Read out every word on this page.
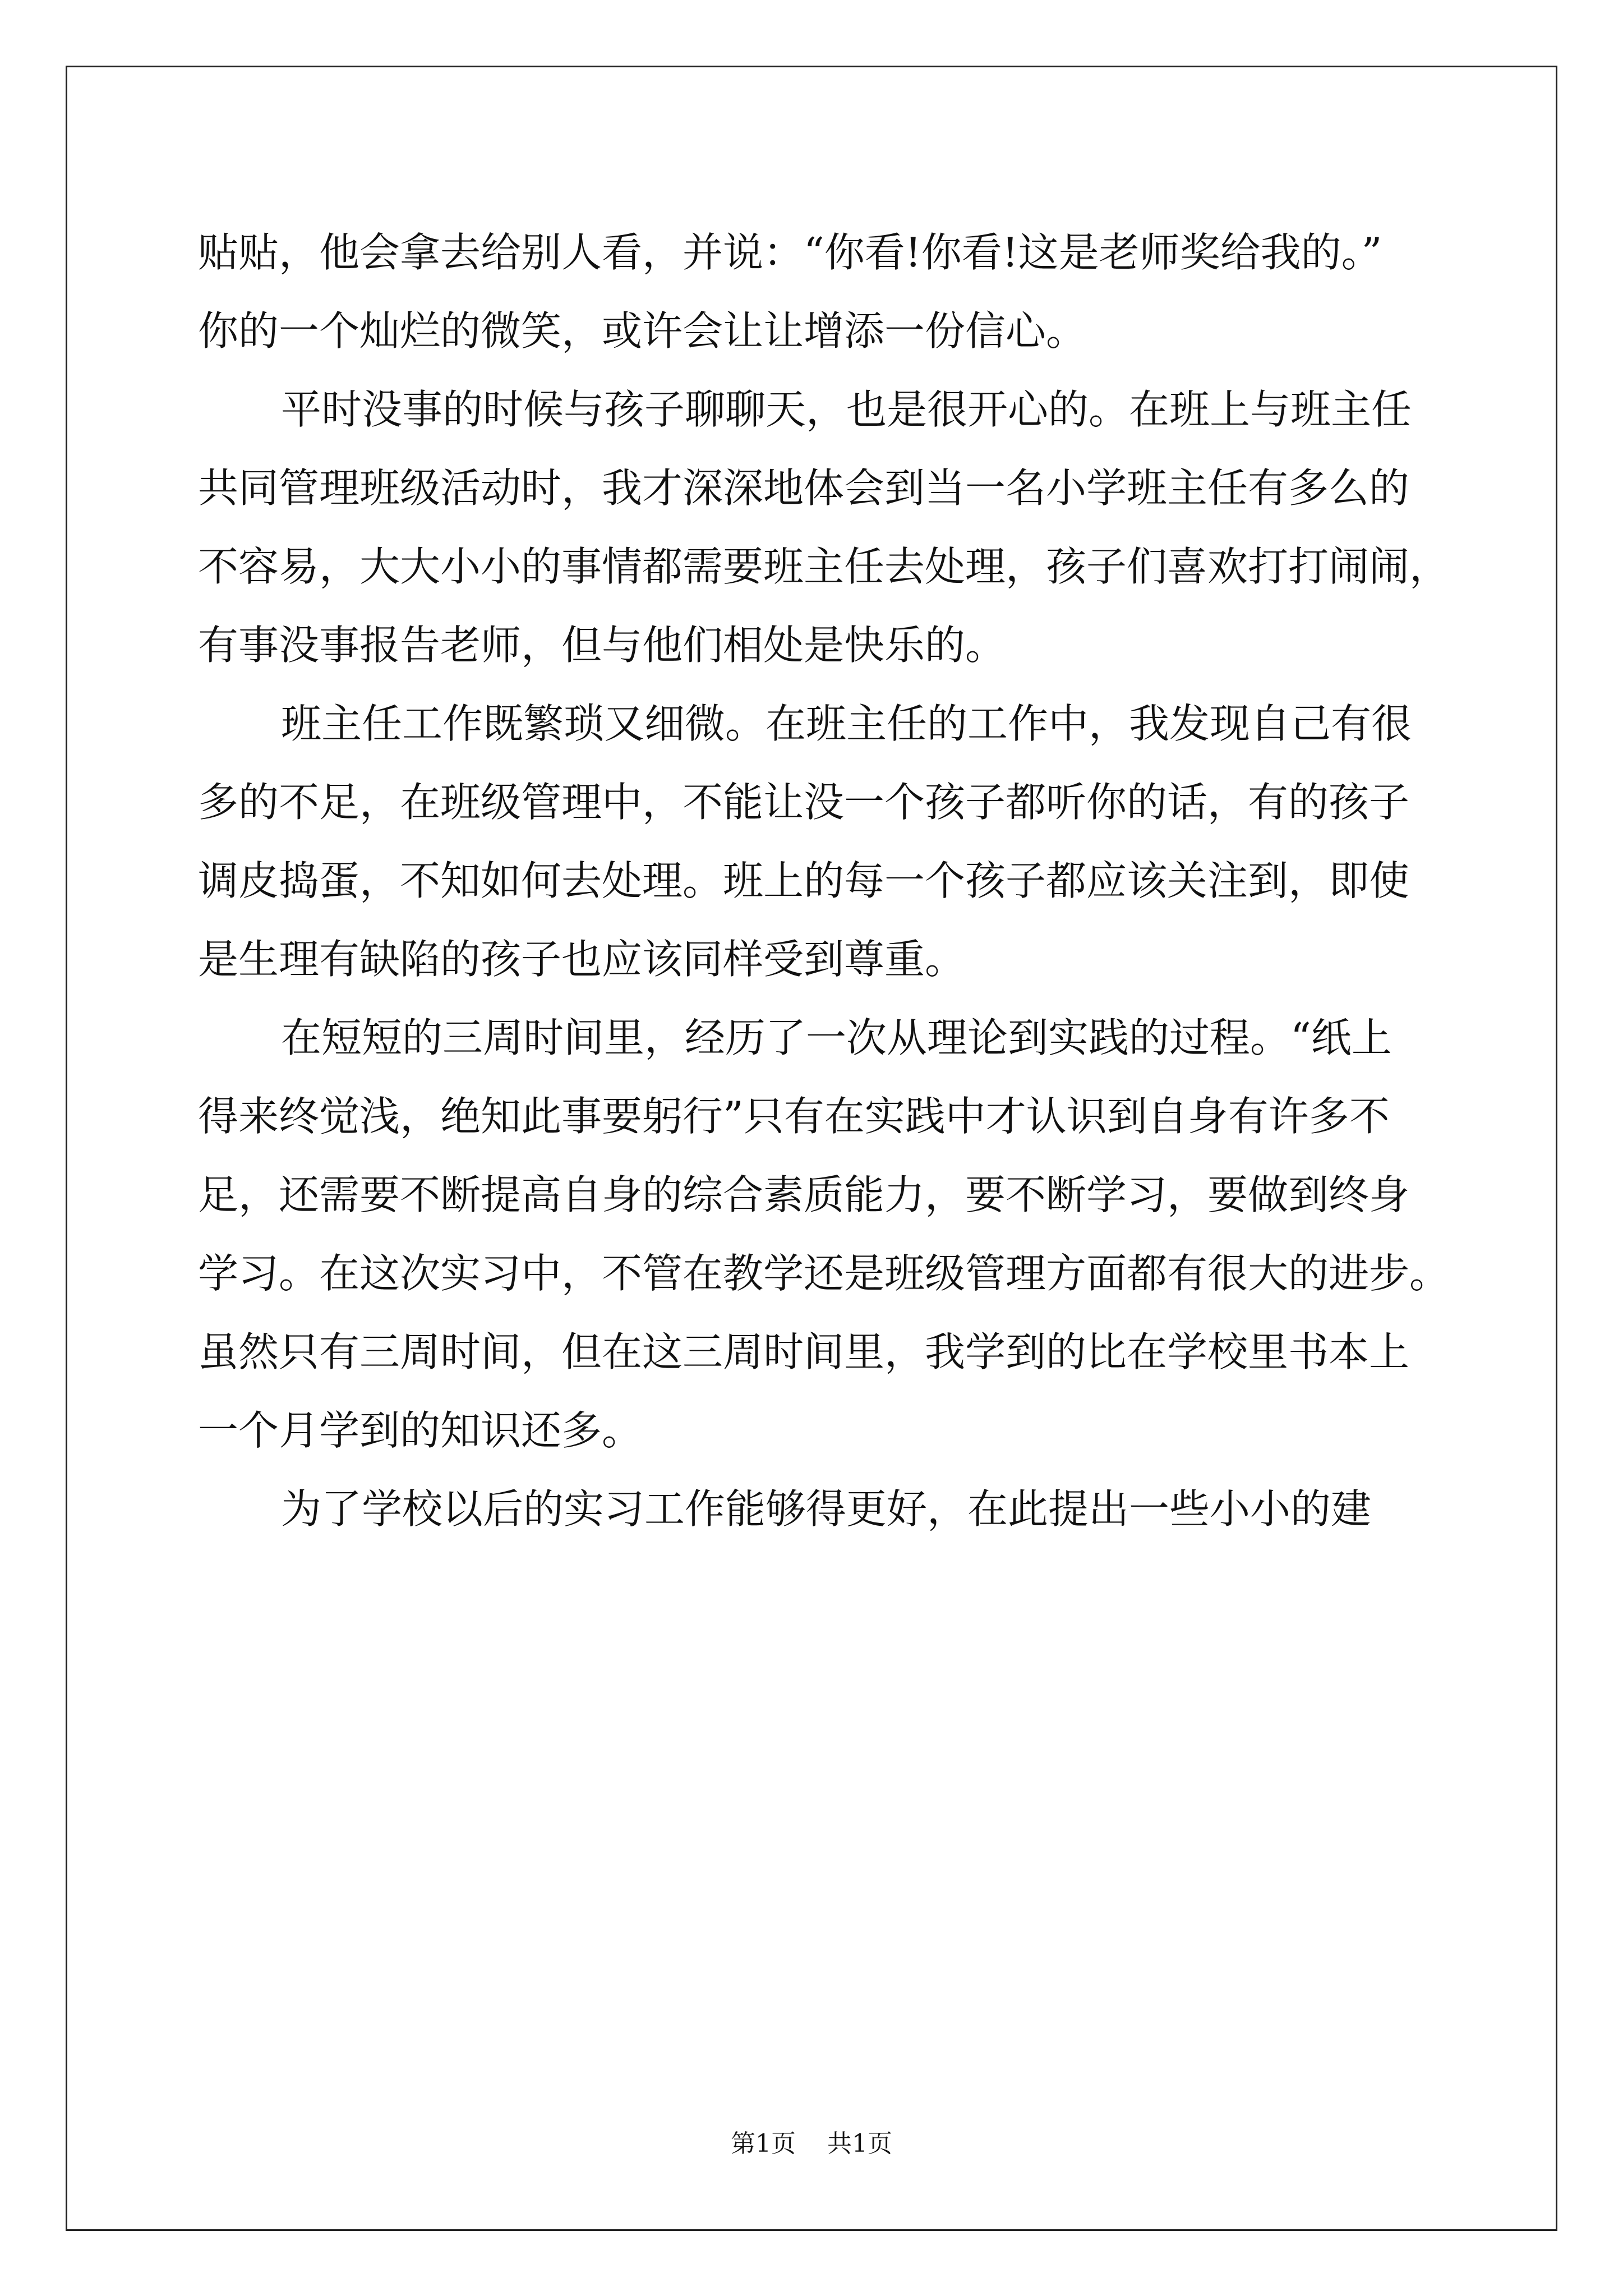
贴贴，他会拿去给别人看，并说：“你看!你看!这是老师奖给我的。”
你的一个灿烂的微笑，或许会让让增添一份信心。
平时没事的时候与孩子聊聊天，也是很开心的。在班上与班主任
共同管理班级活动时，我才深深地体会到当一名小学班主任有多么的
不容易，大大小小的事情都需要班主任去处理，孩子们喜欢打打闹闹，
有事没事报告老师，但与他们相处是快乐的。
班主任工作既繁琐又细微。在班主任的工作中，我发现自己有很
多的不足，在班级管理中，不能让没一个孩子都听你的话，有的孩子
调皮捣蛋，不知如何去处理。班上的每一个孩子都应该关注到，即使
是生理有缺陷的孩子也应该同样受到尊重。
在短短的三周时间里，经历了一次从理论到实践的过程。“纸上
得来终觉浅，绝知此事要躬行”只有在实践中才认识到自身有许多不
足，还需要不断提高自身的综合素质能力，要不断学习，要做到终身
学习。在这次实习中，不管在教学还是班级管理方面都有很大的进步。
虽然只有三周时间，但在这三周时间里，我学到的比在学校里书本上
一个月学到的知识还多。
为了学校以后的实习工作能够得更好，在此提出一些小小的建
第1页 共1页
